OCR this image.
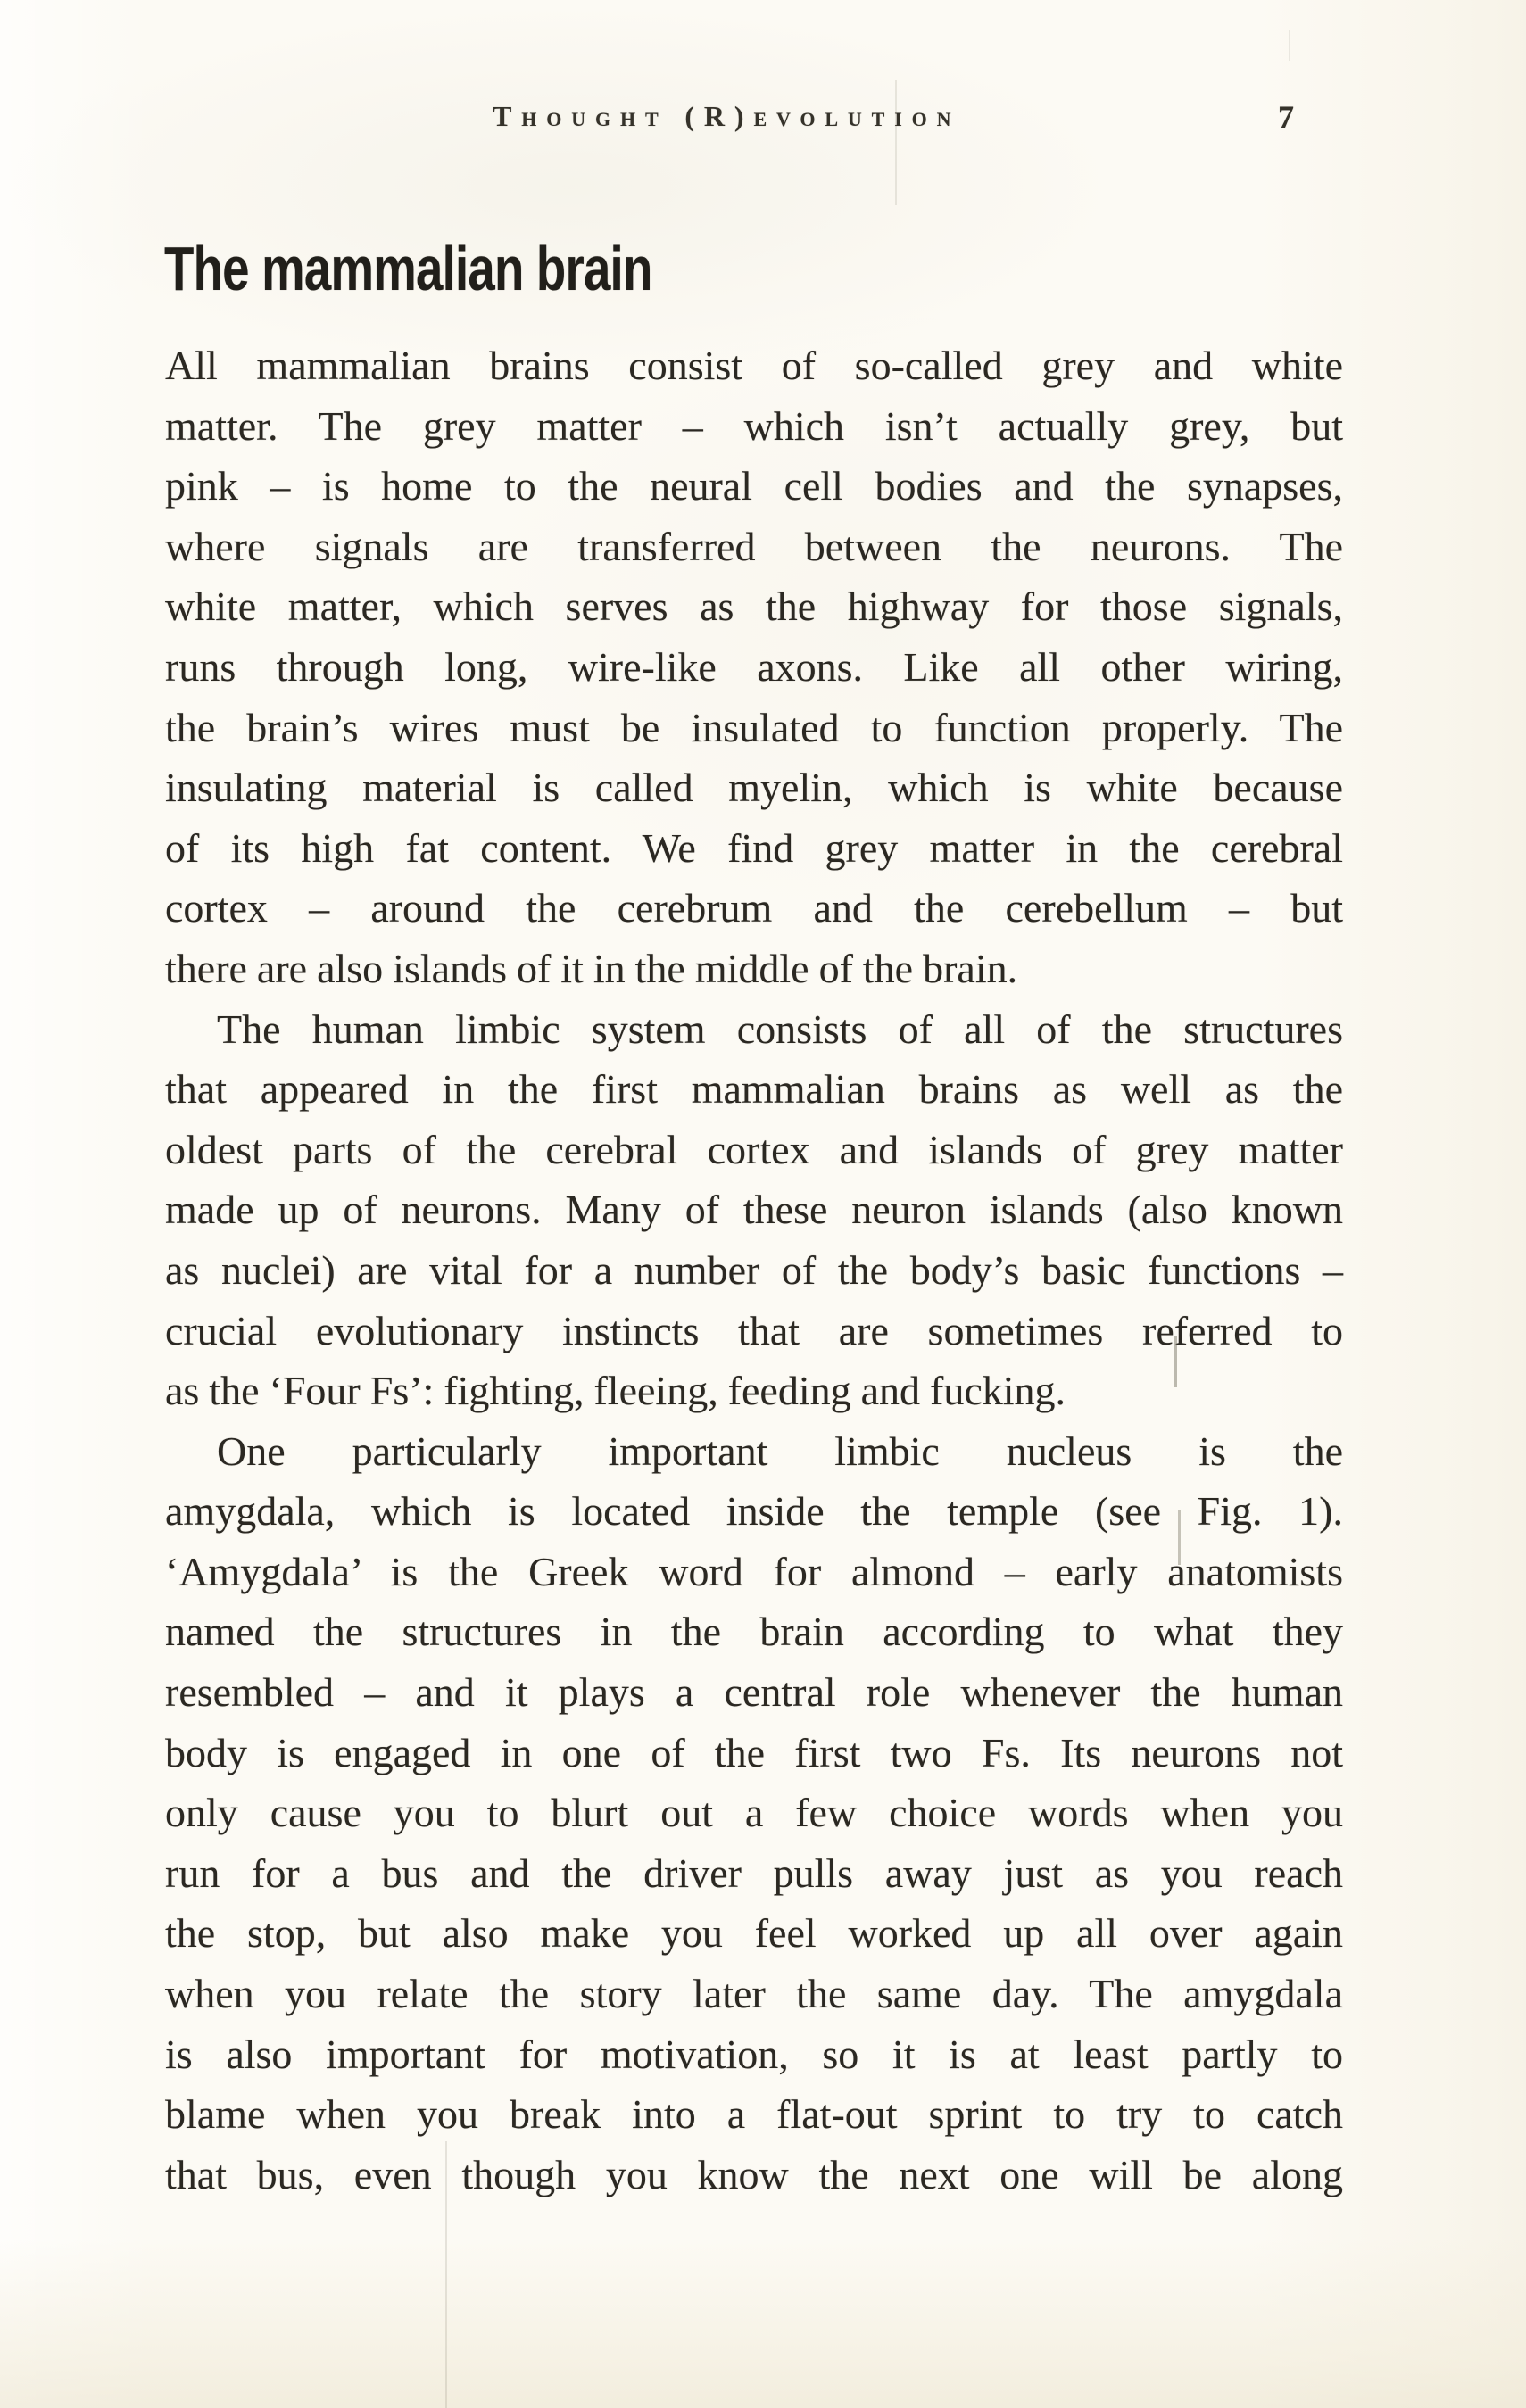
Thought (R)evolution	7
The mammalian brain
All mammalian brains consist of so-called grey and white
matter. The grey matter – which isn’t actually grey, but
pink – is home to the neural cell bodies and the synapses,
where signals are transferred between the neurons. The
white matter, which serves as the highway for those signals,
runs through long, wire-like axons. Like all other wiring,
the brain’s wires must be insulated to function properly. The
insulating material is called myelin, which is white because
of its high fat content. We find grey matter in the cerebral
cortex – around the cerebrum and the cerebellum – but
there are also islands of it in the middle of the brain.
The human limbic system consists of all of the structures
that appeared in the first mammalian brains as well as the
oldest parts of the cerebral cortex and islands of grey matter
made up of neurons. Many of these neuron islands (also known
as nuclei) are vital for a number of the body’s basic functions –
crucial evolutionary instincts that are sometimes referred to
as the ‘Four Fs’: fighting, fleeing, feeding and fucking.
One particularly important limbic nucleus is the
amygdala, which is located inside the temple (see Fig. 1).
‘Amygdala’ is the Greek word for almond – early anatomists
named the structures in the brain according to what they
resembled – and it plays a central role whenever the human
body is engaged in one of the first two Fs. Its neurons not
only cause you to blurt out a few choice words when you
run for a bus and the driver pulls away just as you reach
the stop, but also make you feel worked up all over again
when you relate the story later the same day. The amygdala
is also important for motivation, so it is at least partly to
blame when you break into a flat-out sprint to try to catch
that bus, even though you know the next one will be along
